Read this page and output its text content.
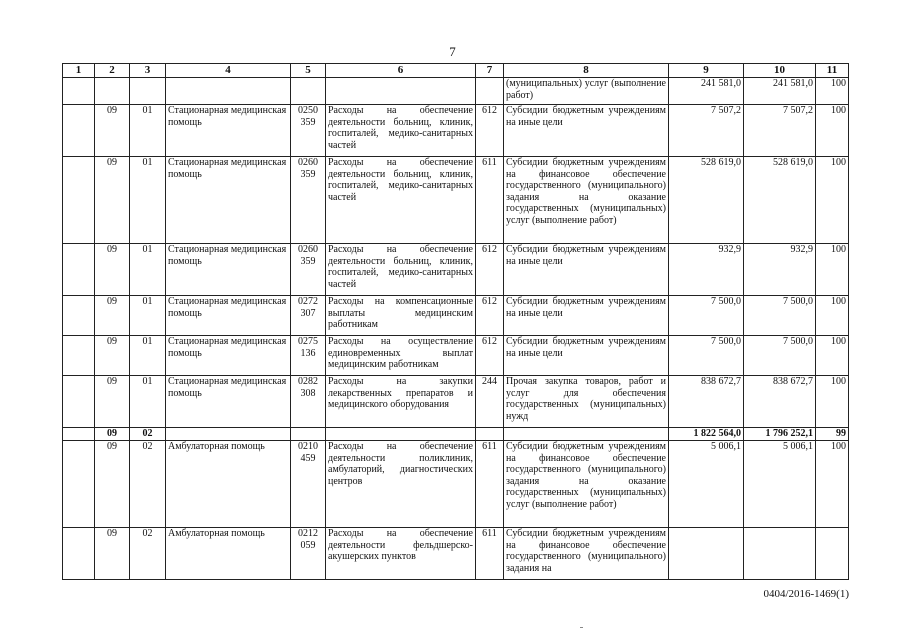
7
1	2	3	4	5	6	7	8	9	10	11
							(муниципальных) услуг (выполнение работ)	241 581,0	241 581,0	100
	09	01	Стационарная медицинская помощь	0250 359	Расходы на обеспечение деятельности больниц, клиник, госпиталей, медико-санитарных частей	612	Субсидии бюджетным учреждениям на иные цели	7 507,2	7 507,2	100
	09	01	Стационарная медицинская помощь	0260 359	Расходы на обеспечение деятельности больниц, клиник, госпиталей, медико-санитарных частей	611	Субсидии бюджетным учреждениям на финансовое обеспечение государственного (муниципального) задания на оказание государственных (муниципальных) услуг (выполнение работ)	528 619,0	528 619,0	100
	09	01	Стационарная медицинская помощь	0260 359	Расходы на обеспечение деятельности больниц, клиник, госпиталей, медико-санитарных частей	612	Субсидии бюджетным учреждениям на иные цели	932,9	932,9	100
	09	01	Стационарная медицинская помощь	0272 307	Расходы на компенсационные выплаты медицинским работникам	612	Субсидии бюджетным учреждениям на иные цели	7 500,0	7 500,0	100
	09	01	Стационарная медицинская помощь	0275 136	Расходы на осуществление единовременных выплат медицинским работникам	612	Субсидии бюджетным учреждениям на иные цели	7 500,0	7 500,0	100
	09	01	Стационарная медицинская помощь	0282 308	Расходы на закупки лекарственных препаратов и медицинского оборудования	244	Прочая закупка товаров, работ и услуг для обеспечения государственных (муниципальных) нужд	838 672,7	838 672,7	100
	09	02						1 822 564,0	1 796 252,1	99
	09	02	Амбулаторная помощь	0210 459	Расходы на обеспечение деятельности поликлиник, амбулаторий, диагностических центров	611	Субсидии бюджетным учреждениям на финансовое обеспечение государственного (муниципального) задания на оказание государственных (муниципальных) услуг (выполнение работ)	5 006,1	5 006,1	100
	09	02	Амбулаторная помощь	0212 059	Расходы на обеспечение деятельности фельдшерско-акушерских пунктов	611	Субсидии бюджетным учреждениям на финансовое обеспечение государственного (муниципального) задания на			
0404/2016-1469(1)
